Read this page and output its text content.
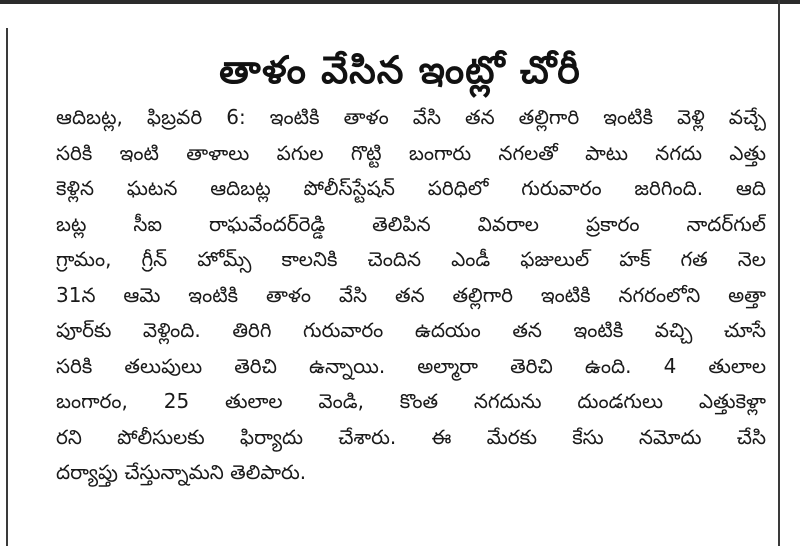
తాళం వేసిన ఇంట్లో చోరీ
ఆదిబట్ల, ఫిబ్రవరి 6: ఇంటికి తాళం వేసి తన తల్లిగారి ఇంటికి వెళ్లి వచ్చే
సరికి ఇంటి తాళాలు పగుల గొట్టి బంగారు నగలతో పాటు నగదు ఎత్తు
కెళ్లిన ఘటన ఆదిబట్ల పోలీస్‌స్టేషన్ పరిధిలో గురువారం జరిగింది. ఆది
బట్ల సీఐ రాఘవేందర్‌రెడ్డి తెలిపిన వివరాల ప్రకారం నాదర్‌గుల్
గ్రామం, గ్రీన్ హోమ్స్ కాలనికి చెందిన ఎండీ ఫజులుల్ హక్ గత నెల
31న ఆమె ఇంటికి తాళం వేసి తన తల్లిగారి ఇంటికి నగరంలోని అత్తా
పూర్‌కు వెళ్లింది. తిరిగి గురువారం ఉదయం తన ఇంటికి వచ్చి చూసే
సరికి తలుపులు తెరిచి ఉన్నాయి. అల్మారా తెరిచి ఉంది. 4 తులాల
బంగారం, 25 తులాల వెండి, కొంత నగదును దుండగులు ఎత్తుకెళ్లా
రని పోలీసులకు ఫిర్యాదు చేశారు. ఈ మేరకు కేసు నమోదు చేసి
దర్యాప్తు చేస్తున్నామని తెలిపారు.
